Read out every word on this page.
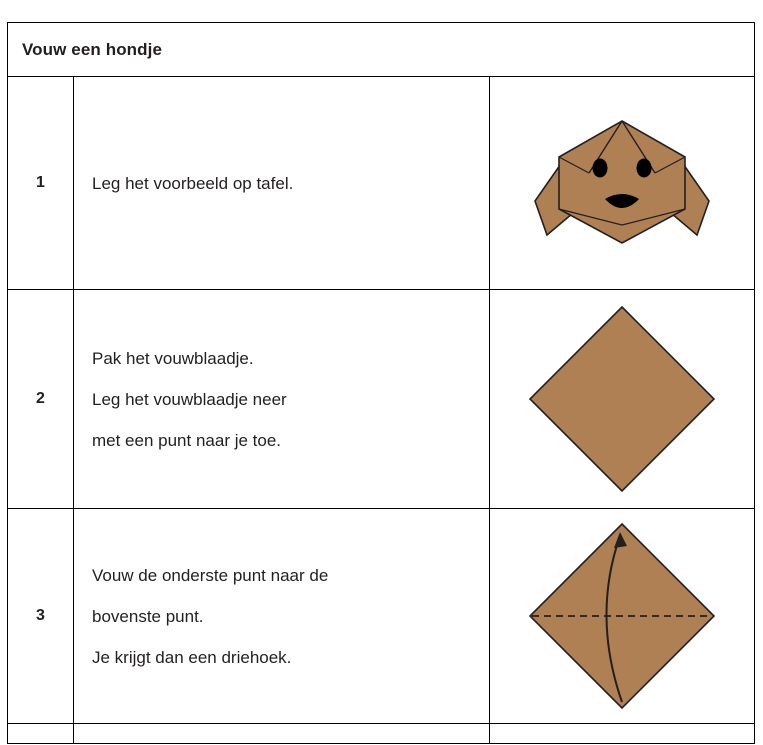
Vouw een hondje
1	Leg het voorbeeld op tafel.
2
Pak het vouwblaadje.
Leg het vouwblaadje neer
met een punt naar je toe.
3
Vouw de onderste punt naar de
bovenste punt.
Je krijgt dan een driehoek.
